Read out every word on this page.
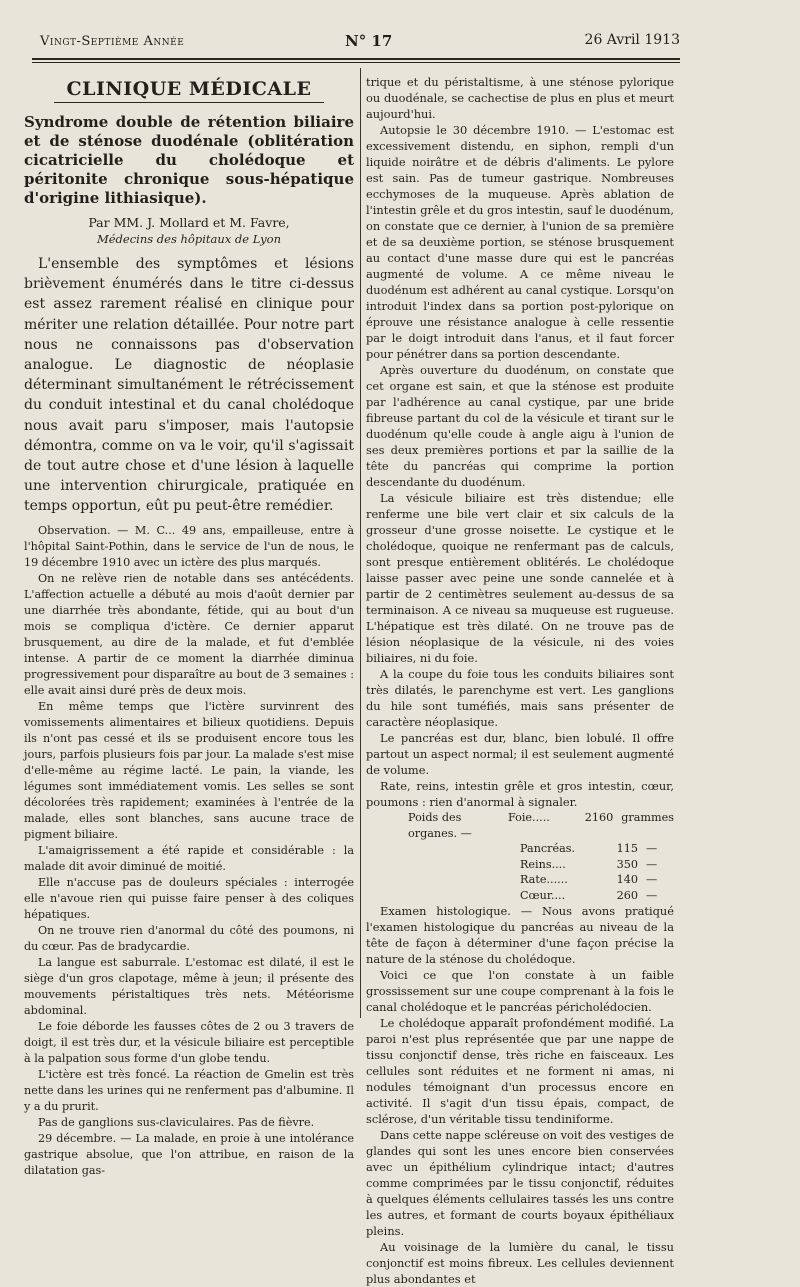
Vingt-Septième Année	N° 17	26 Avril 1913
CLINIQUE MÉDICALE
Syndrome double de rétention biliaire et de sténose duodénale (oblitération cicatricielle du cholédoque et péritonite chronique sous-hépatique d'origine lithiasique).
Par MM. J. Mollard et M. Favre,
Médecins des hôpitaux de Lyon

L'ensemble des symptômes et lésions brièvement énumérés dans le titre ci-dessus est assez rarement réalisé en clinique pour mériter une relation détaillée. Pour notre part nous ne connaissons pas d'observation analogue. Le diagnostic de néoplasie déterminant simultanément le rétrécissement du conduit intestinal et du canal cholédoque nous avait paru s'imposer, mais l'autopsie démontra, comme on va le voir, qu'il s'agissait de tout autre chose et d'une lésion à laquelle une intervention chirurgicale, pratiquée en temps opportun, eût pu peut-être remédier.

Observation. — M. C... 49 ans, empailleuse, entre à l'hôpital Saint-Pothin, dans le service de l'un de nous, le 19 décembre 1910 avec un ictère des plus marqués.

On ne relève rien de notable dans ses antécédents. L'affection actuelle a débuté au mois d'août dernier par une diarrhée très abondante, fétide, qui au bout d'un mois se compliqua d'ictère. Ce dernier apparut brusquement, au dire de la malade, et fut d'emblée intense. A partir de ce moment la diarrhée diminua progressivement pour disparaître au bout de 3 semaines : elle avait ainsi duré près de deux mois.

En même temps que l'ictère survinrent des vomissements alimentaires et bilieux quotidiens. Depuis ils n'ont pas cessé et ils se produisent encore tous les jours, parfois plusieurs fois par jour. La malade s'est mise d'elle-même au régime lacté. Le pain, la viande, les légumes sont immédiatement vomis. Les selles se sont décolorées très rapidement; examinées à l'entrée de la malade, elles sont blanches, sans aucune trace de pigment biliaire.

L'amaigrissement a été rapide et considérable : la malade dit avoir diminué de moitié.

Elle n'accuse pas de douleurs spéciales : interrogée elle n'avoue rien qui puisse faire penser à des coliques hépatiques.

On ne trouve rien d'anormal du côté des poumons, ni du cœur. Pas de bradycardie.

La langue est saburrale. L'estomac est dilaté, il est le siège d'un gros clapotage, même à jeun; il présente des mouvements péristaltiques très nets. Météorisme abdominal.

Le foie déborde les fausses côtes de 2 ou 3 travers de doigt, il est très dur, et la vésicule biliaire est perceptible à la palpation sous forme d'un globe tendu.

L'ictère est très foncé. La réaction de Gmelin est très nette dans les urines qui ne renferment pas d'albumine. Il y a du prurit.

Pas de ganglions sus-claviculaires. Pas de fièvre.

29 décembre. — La malade, en proie à une intolérance gastrique absolue, que l'on attribue, en raison de la dilatation gas-

trique et du péristaltisme, à une sténose pylorique ou duodénale, se cachectise de plus en plus et meurt aujourd'hui.

Autopsie le 30 décembre 1910. — L'estomac est excessivement distendu, en siphon, rempli d'un liquide noirâtre et de débris d'aliments. Le pylore est sain. Pas de tumeur gastrique. Nombreuses ecchymoses de la muqueuse. Après ablation de l'intestin grêle et du gros intestin, sauf le duodénum, on constate que ce dernier, à l'union de sa première et de sa deuxième portion, se sténose brusquement au contact d'une masse dure qui est le pancréas augmenté de volume. A ce même niveau le duodénum est adhérent au canal cystique. Lorsqu'on introduit l'index dans sa portion post-pylorique on éprouve une résistance analogue à celle ressentie par le doigt introduit dans l'anus, et il faut forcer pour pénétrer dans sa portion descendante.

Après ouverture du duodénum, on constate que cet organe est sain, et que la sténose est produite par l'adhérence au canal cystique, par une bride fibreuse partant du col de la vésicule et tirant sur le duodénum qu'elle coude à angle aigu à l'union de ses deux premières portions et par la saillie de la tête du pancréas qui comprime la portion descendante du duodénum.

La vésicule biliaire est très distendue; elle renferme une bile vert clair et six calculs de la grosseur d'une grosse noisette. Le cystique et le cholédoque, quoique ne renfermant pas de calculs, sont presque entièrement oblitérés. Le cholédoque laisse passer avec peine une sonde cannelée et à partir de 2 centimètres seulement au-dessus de sa terminaison. A ce niveau sa muqueuse est rugueuse. L'hépatique est très dilaté. On ne trouve pas de lésion néoplasique de la vésicule, ni des voies biliaires, ni du foie.

A la coupe du foie tous les conduits biliaires sont très dilatés, le parenchyme est vert. Les ganglions du hile sont tuméfiés, mais sans présenter de caractère néoplasique.

Le pancréas est dur, blanc, bien lobulé. Il offre partout un aspect normal; il est seulement augmenté de volume.

Rate, reins, intestin grêle et gros intestin, cœur, poumons : rien d'anormal à signaler.

Poids des organes. —
Foie.....	2160 grammes
Pancréas.	115 —
Reins....	350 —
Rate......	140 —
Cœur....	260 —

Examen histologique. — Nous avons pratiqué l'examen histologique du pancréas au niveau de la tête de façon à déterminer d'une façon précise la nature de la sténose du cholédoque.

Voici ce que l'on constate à un faible grossissement sur une coupe comprenant à la fois le canal cholédoque et le pancréas péricholédocien.

Le cholédoque apparaît profondément modifié. La paroi n'est plus représentée que par une nappe de tissu conjonctif dense, très riche en faisceaux. Les cellules sont réduites et ne forment ni amas, ni nodules témoignant d'un processus encore en activité. Il s'agit d'un tissu épais, compact, de sclérose, d'un véritable tissu tendiniforme.

Dans cette nappe scléreuse on voit des vestiges de glandes qui sont les unes encore bien conservées avec un épithélium cylindrique intact; d'autres comme comprimées par le tissu conjonctif, réduites à quelques éléments cellulaires tassés les uns contre les autres, et formant de courts boyaux épithéliaux pleins.

Au voisinage de la lumière du canal, le tissu conjonctif est moins fibreux. Les cellules deviennent plus abondantes et
